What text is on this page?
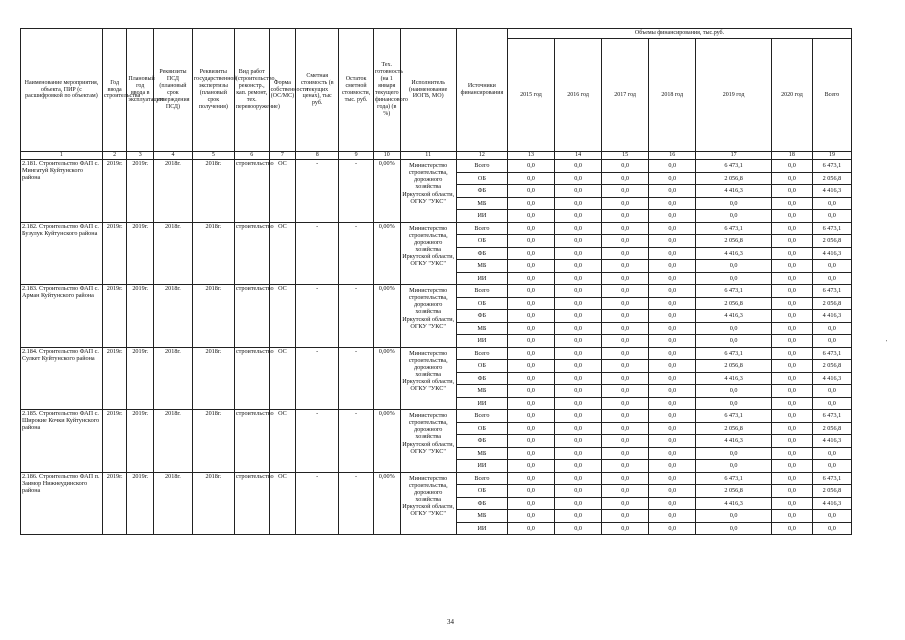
Наименование мероприятия, объекта, ПИР (с расшифровкой по объектам)	Год ввода строительства	Плановый год ввода в эксплуатацию	Реквизиты ПСД (плановый срок утверждения ПСД)	Реквизиты государственной экспертизы (плановый срок получения)	Вид работ (строительство, реконстр., кап. ремонт, тех. перевооружение)	Форма собственности (ОС/МС)	Сметная стоимость (в текущих ценах), тыс руб.	Остаток сметной стоимости, тыс. руб.	Тех. готовность (на 1 января текущего финансового года) (в %)	Исполнитель (наименование ИОГВ, МО)	Источники финансирования	Объемы финансирования, тыс.руб.						
												2015 год	2016 год	2017 год	2018 год	2019 год	2020 год	Всего
1	2	3	4	5	6	7	8	9	10	11	12	13	14	15	16	17	18	19
2.181. Строительство ФАП с. Мингатуй Куйтунского района	2019г.	2019г.	2018г.	2018г.	строительство	ОС	-	-	0,00%	Министерство строительства, дорожного хозяйства Иркутской области, ОГКУ "УКС"	Всего	0,0	0,0	0,0	0,0	6 473,1	0,0	6 473,1
											ОБ	0,0	0,0	0,0	0,0	2 056,8	0,0	2 056,8
											ФБ	0,0	0,0	0,0	0,0	4 416,3	0,0	4 416,3
											МБ	0,0	0,0	0,0	0,0	0,0	0,0	0,0
											ИИ	0,0	0,0	0,0	0,0	0,0	0,0	0,0
2.182. Строительство ФАП с. Бузулук Куйтунского района	2019г.	2019г.	2018г.	2018г.	строительство	ОС	-	-	0,00%	Министерство строительства, дорожного хозяйства Иркутской области, ОГКУ "УКС"	Всего	0,0	0,0	0,0	0,0	6 473,1	0,0	6 473,1
											ОБ	0,0	0,0	0,0	0,0	2 056,8	0,0	2 056,8
											ФБ	0,0	0,0	0,0	0,0	4 416,3	0,0	4 416,3
											МБ	0,0	0,0	0,0	0,0	0,0	0,0	0,0
											ИИ	0,0	0,0	0,0	0,0	0,0	0,0	0,0
2.183. Строительство ФАП с. Арман Куйтунского района	2019г.	2019г.	2018г.	2018г.	строительство	ОС	-	-	0,00%	Министерство строительства, дорожного хозяйства Иркутской области, ОГКУ "УКС"	Всего	0,0	0,0	0,0	0,0	6 473,1	0,0	6 473,1
											ОБ	0,0	0,0	0,0	0,0	2 056,8	0,0	2 056,8
											ФБ	0,0	0,0	0,0	0,0	4 416,3	0,0	4 416,3
											МБ	0,0	0,0	0,0	0,0	0,0	0,0	0,0
											ИИ	0,0	0,0	0,0	0,0	0,0	0,0	0,0
2.184. Строительство ФАП с. Сулкет Куйтунского района	2019г.	2019г.	2018г.	2018г.	строительство	ОС	-	-	0,00%	Министерство строительства, дорожного хозяйства Иркутской области, ОГКУ "УКС"	Всего	0,0	0,0	0,0	0,0	6 473,1	0,0	6 473,1
											ОБ	0,0	0,0	0,0	0,0	2 056,8	0,0	2 056,8
											ФБ	0,0	0,0	0,0	0,0	4 416,3	0,0	4 416,3
											МБ	0,0	0,0	0,0	0,0	0,0	0,0	0,0
											ИИ	0,0	0,0	0,0	0,0	0,0	0,0	0,0
2.185. Строительство ФАП с. Широкие Кочки Куйтунского района	2019г.	2019г.	2018г.	2018г.	строительство	ОС	-	-	0,00%	Министерство строительства, дорожного хозяйства Иркутской области, ОГКУ "УКС"	Всего	0,0	0,0	0,0	0,0	6 473,1	0,0	6 473,1
											ОБ	0,0	0,0	0,0	0,0	2 056,8	0,0	2 056,8
											ФБ	0,0	0,0	0,0	0,0	4 416,3	0,0	4 416,3
											МБ	0,0	0,0	0,0	0,0	0,0	0,0	0,0
											ИИ	0,0	0,0	0,0	0,0	0,0	0,0	0,0
2.186. Строительство ФАП п. Заимор Нижнеудинского района	2019г.	2019г.	2018г.	2018г.	строительство	ОС	-	-	0,00%	Министерство строительства, дорожного хозяйства Иркутской области, ОГКУ "УКС"	Всего	0,0	0,0	0,0	0,0	6 473,1	0,0	6 473,1
											ОБ	0,0	0,0	0,0	0,0	2 056,8	0,0	2 056,8
											ФБ	0,0	0,0	0,0	0,0	4 416,3	0,0	4 416,3
											МБ	0,0	0,0	0,0	0,0	0,0	0,0	0,0
											ИИ	0,0	0,0	0,0	0,0	0,0	0,0	0,0
34
'
